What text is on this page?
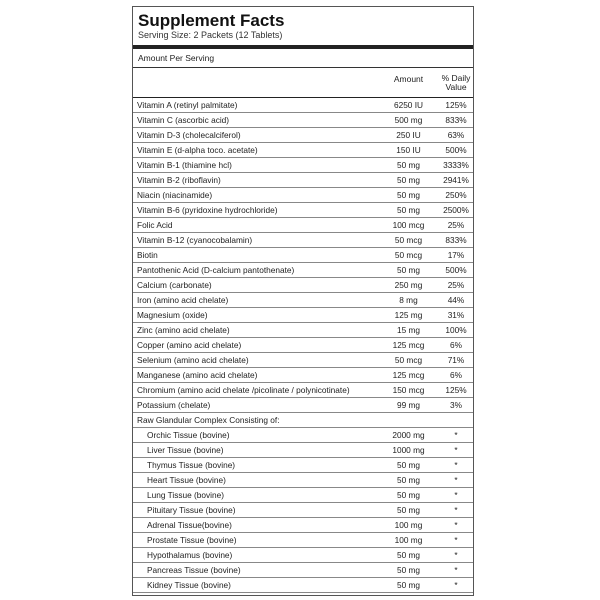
Supplement Facts
Serving Size: 2 Packets (12 Tablets)
Amount Per Serving
Amount	% Daily
Value
Vitamin A (retinyl palmitate)	6250 IU	125%
Vitamin C (ascorbic acid)	500 mg	833%
Vitamin D-3 (cholecalciferol)	250 IU	63%
Vitamin E (d-alpha toco. acetate)	150 IU	500%
Vitamin B-1 (thiamine hcl)	50 mg	3333%
Vitamin B-2 (riboflavin)	50 mg	2941%
Niacin (niacinamide)	50 mg	250%
Vitamin B-6 (pyridoxine hydrochloride)	50 mg	2500%
Folic Acid	100 mcg	25%
Vitamin B-12 (cyanocobalamin)	50 mcg	833%
Biotin	50 mcg	17%
Pantothenic Acid (D-calcium pantothenate)	50 mg	500%
Calcium (carbonate)	250 mg	25%
Iron (amino acid chelate)	8 mg	44%
Magnesium (oxide)	125 mg	31%
Zinc (amino acid chelate)	15 mg	100%
Copper (amino acid chelate)	125 mcg	6%
Selenium (amino acid chelate)	50 mcg	71%
Manganese (amino acid chelate)	125 mcg	6%
Chromium (amino acid chelate /picolinate / polynicotinate)	150 mcg	125%
Potassium (chelate)	99 mg	3%
Raw Glandular Complex Consisting of:
Orchic Tissue (bovine)	2000 mg	*
Liver Tissue (bovine)	1000 mg	*
Thymus Tissue (bovine)	50 mg	*
Heart Tissue (bovine)	50 mg	*
Lung Tissue (bovine)	50 mg	*
Pituitary Tissue (bovine)	50 mg	*
Adrenal Tissue(bovine)	100 mg	*
Prostate Tissue (bovine)	100 mg	*
Hypothalamus (bovine)	50 mg	*
Pancreas Tissue (bovine)	50 mg	*
Kidney Tissue (bovine)	50 mg	*
